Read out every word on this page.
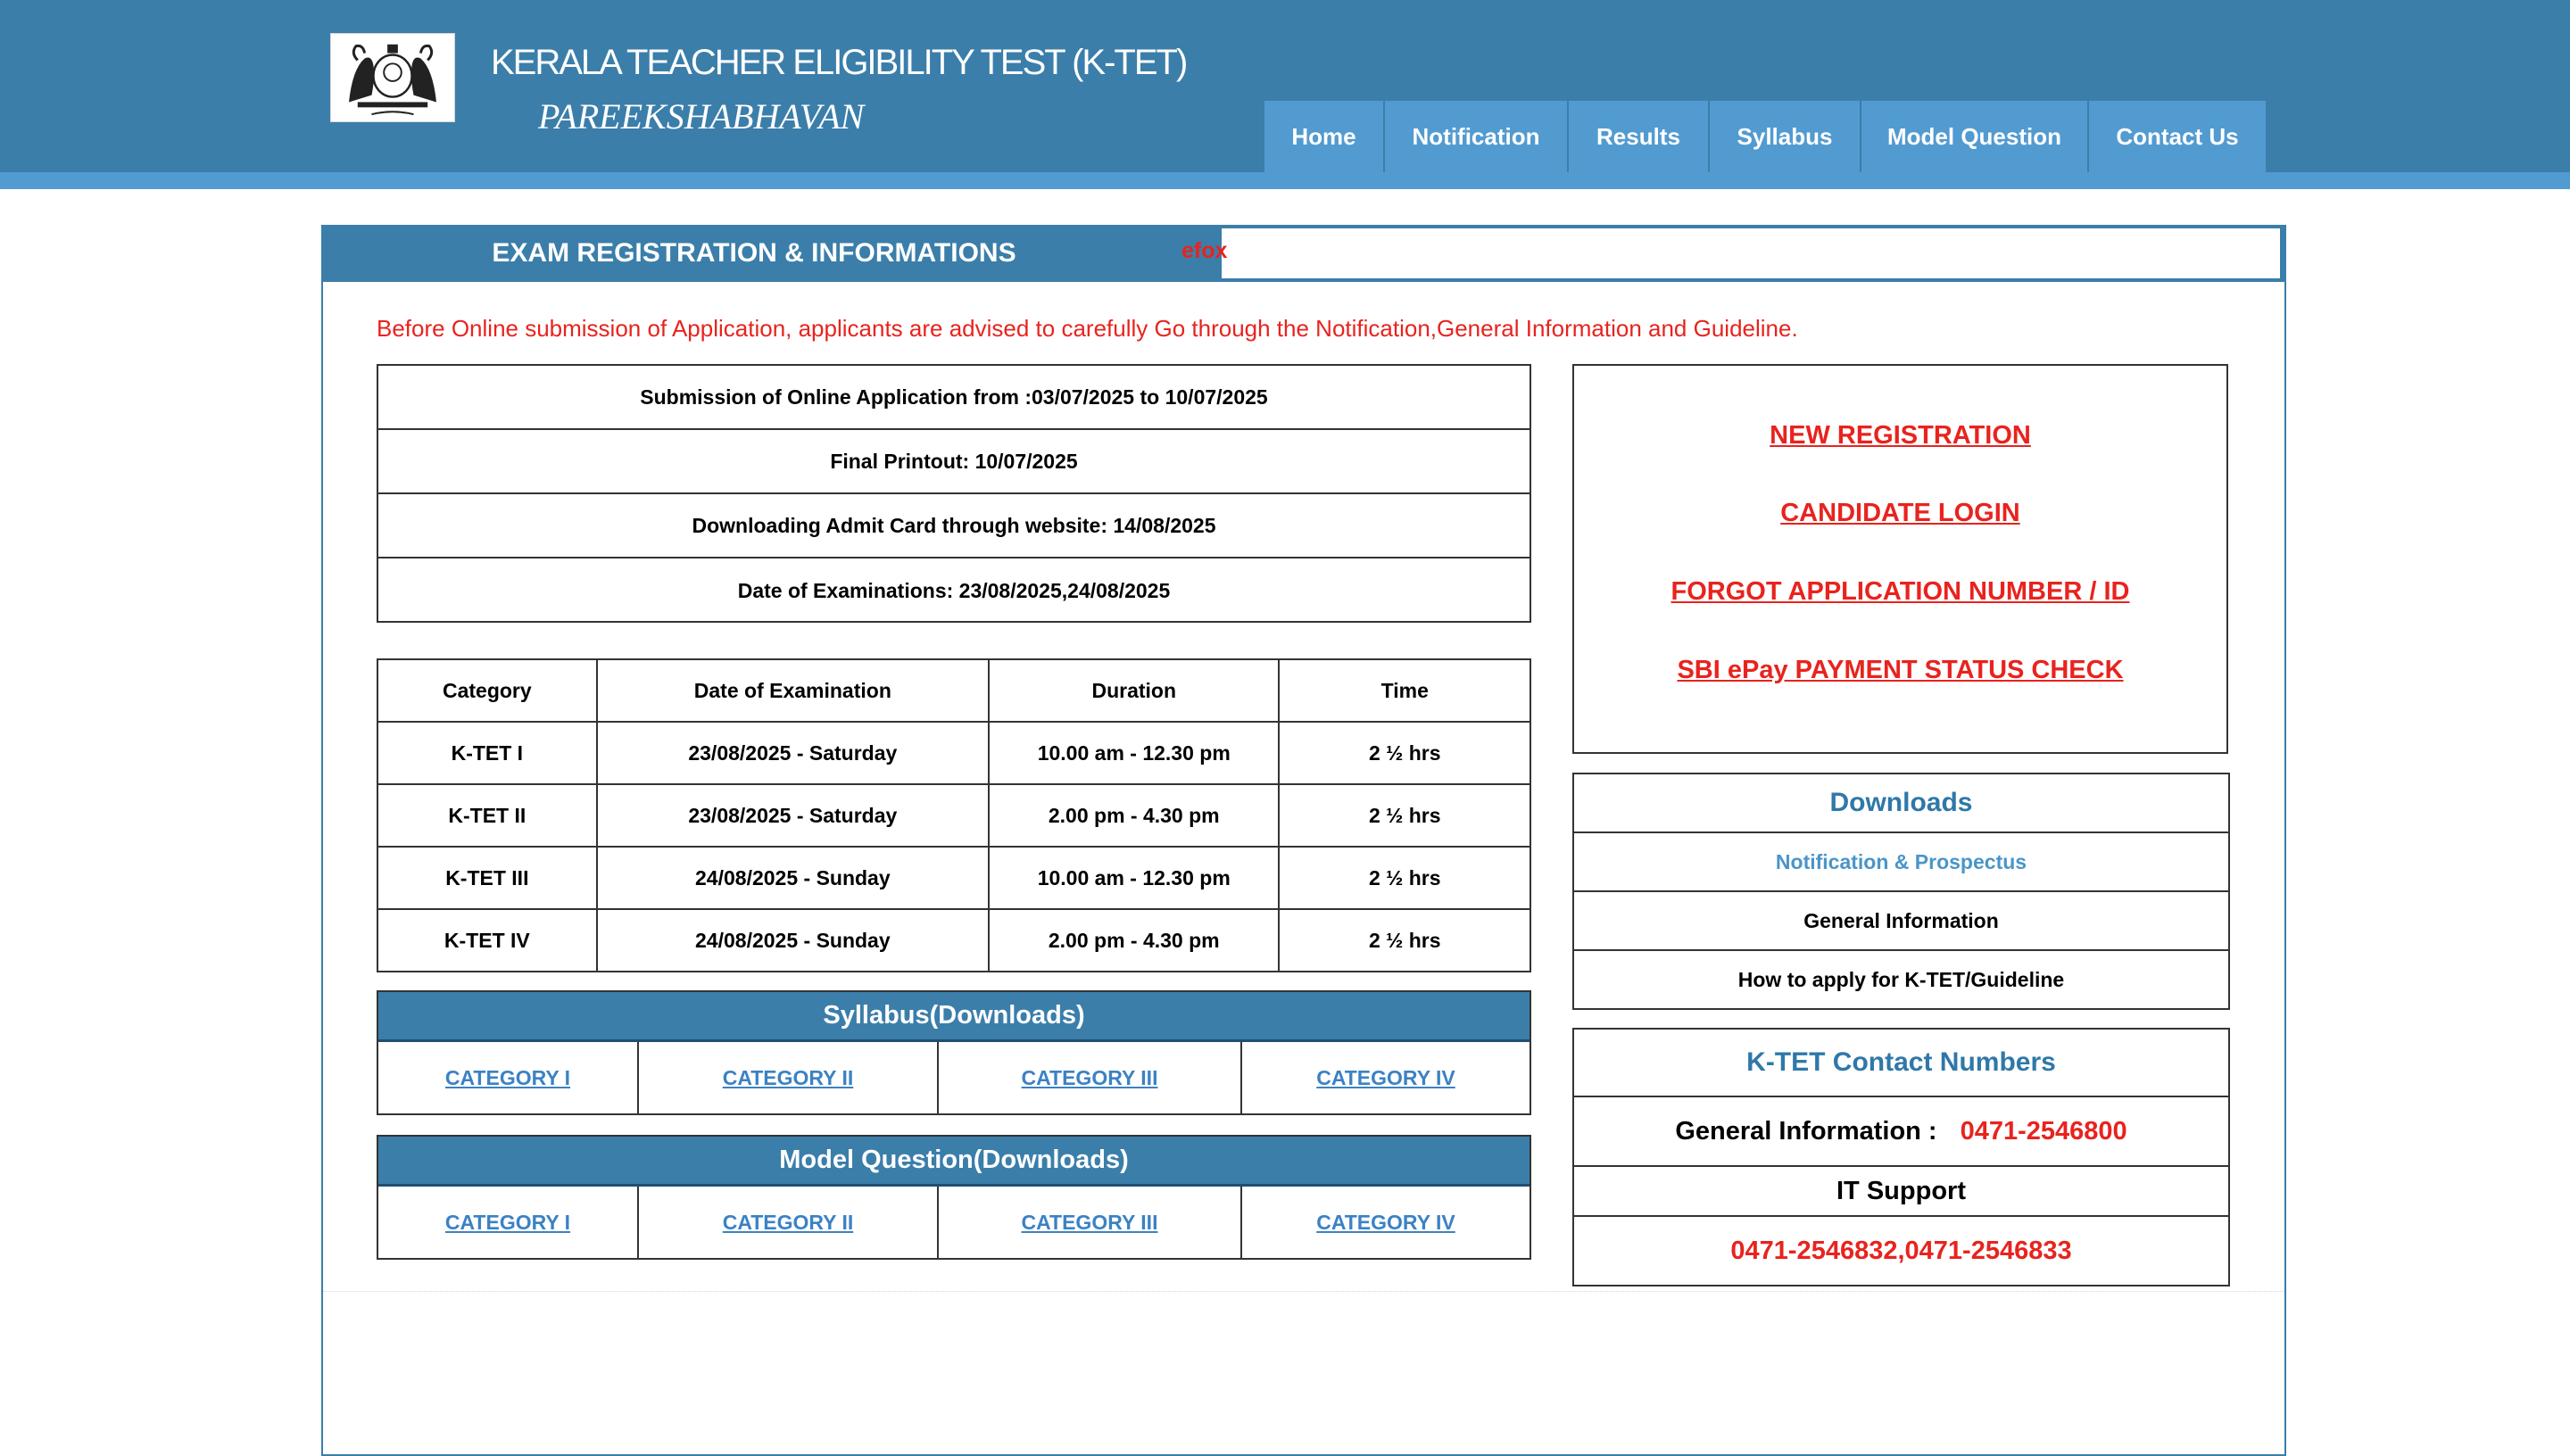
KERALA TEACHER ELIGIBILITY TEST (K-TET)
PAREEKSHABHAVAN	Home	Notification	Results	Syllabus	Model Question	Contact Us
EXAM REGISTRATION & INFORMATIONS	efox
Before Online submission of Application, applicants are advised to carefully Go through the Notification,General Information and Guideline.
Submission of Online Application from :03/07/2025 to 10/07/2025
Final Printout: 10/07/2025
Downloading Admit Card through website: 14/08/2025
Date of Examinations: 23/08/2025,24/08/2025
Category	Date of Examination	Duration	Time
K-TET I	23/08/2025 - Saturday	10.00 am - 12.30 pm	2 ½ hrs
K-TET II	23/08/2025 - Saturday	2.00 pm - 4.30 pm	2 ½ hrs
K-TET III	24/08/2025 - Sunday	10.00 am - 12.30 pm	2 ½ hrs
K-TET IV	24/08/2025 - Sunday	2.00 pm - 4.30 pm	2 ½ hrs
Syllabus(Downloads)
CATEGORY I	CATEGORY II	CATEGORY III	CATEGORY IV
Model Question(Downloads)
CATEGORY I	CATEGORY II	CATEGORY III	CATEGORY IV
NEW REGISTRATION
CANDIDATE LOGIN
FORGOT APPLICATION NUMBER / ID
SBI ePay PAYMENT STATUS CHECK
Downloads
Notification & Prospectus
General Information
How to apply for K-TET/Guideline
K-TET Contact Numbers
General Information : 0471-2546800
IT Support
0471-2546832,0471-2546833
